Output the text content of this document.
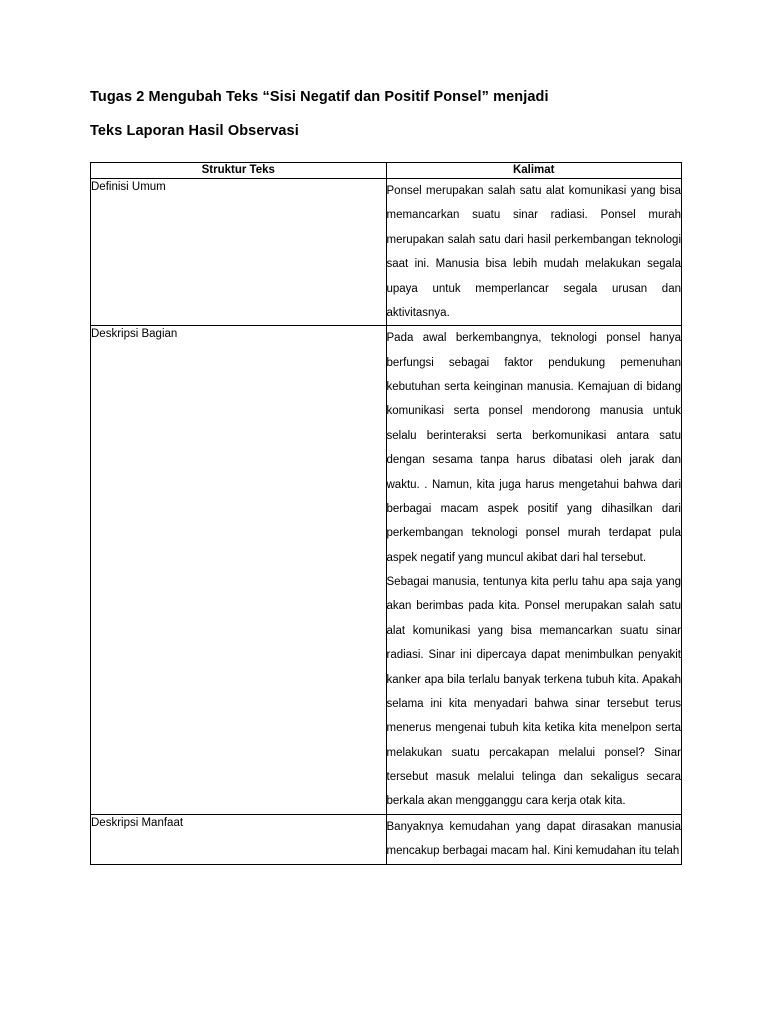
Tugas 2 Mengubah Teks “Sisi Negatif dan Positif Ponsel” menjadi
Teks Laporan Hasil Observasi
Struktur Teks	Kalimat
Definisi Umum	Ponsel merupakan salah satu alat komunikasi yang bisa memancarkan suatu sinar radiasi. Ponsel murah merupakan salah satu dari hasil perkembangan teknologi saat ini. Manusia bisa lebih mudah melakukan segala upaya untuk memperlancar segala urusan dan aktivitasnya.

Deskripsi Bagian	Pada awal berkembangnya, teknologi ponsel hanya berfungsi sebagai faktor pendukung pemenuhan kebutuhan serta keinginan manusia. Kemajuan di bidang komunikasi serta ponsel mendorong manusia untuk selalu berinteraksi serta berkomunikasi antara satu dengan sesama tanpa harus dibatasi oleh jarak dan waktu. . Namun, kita juga harus mengetahui bahwa dari berbagai macam aspek positif yang dihasilkan dari perkembangan teknologi ponsel murah terdapat pula aspek negatif yang muncul akibat dari hal tersebut.

Sebagai manusia, tentunya kita perlu tahu apa saja yang akan berimbas pada kita. Ponsel merupakan salah satu alat komunikasi yang bisa memancarkan suatu sinar radiasi. Sinar ini dipercaya dapat menimbulkan penyakit kanker apa bila terlalu banyak terkena tubuh kita. Apakah selama ini kita menyadari bahwa sinar tersebut terus menerus mengenai tubuh kita ketika kita menelpon serta melakukan suatu percakapan melalui ponsel? Sinar tersebut masuk melalui telinga dan sekaligus secara berkala akan mengganggu cara kerja otak kita.

Deskripsi Manfaat	Banyaknya kemudahan yang dapat dirasakan manusia mencakup berbagai macam hal. Kini kemudahan itu telah
